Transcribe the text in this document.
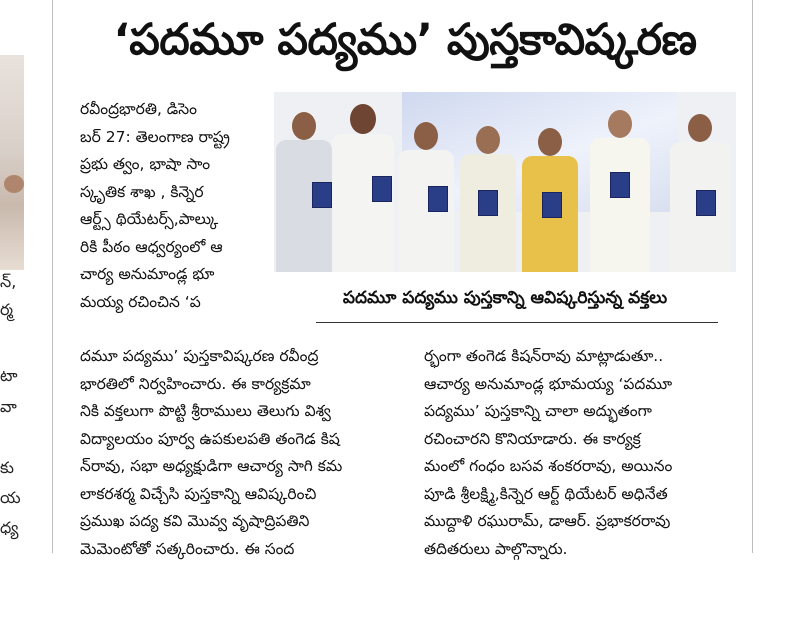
న్,
ర్మ
టా
వా
కు
య
ధ్య
‘పదమూ పద్యము’ పుస్తకావిష్కరణ
రవీంద్రభారతి, డిసెం
బర్ 27: తెలంగాణ రాష్ట్ర
ప్రభు త్వం, భాషా సాం
స్కృతిక శాఖ , కిన్నెర
ఆర్ట్స్ థియేటర్స్,పాల్కు
రికి పీఠం ఆధ్వర్యంలో ఆ
చార్య అనుమాండ్ల భూ
మయ్య రచించిన ‘ప	పదమూ పద్యము పుస్తకాన్ని ఆవిష్కరిస్తున్న వక్తలు
దమూ పద్యము’ పుస్తకావిష్కరణ రవీంద్ర
భారతిలో నిర్వహించారు. ఈ కార్యక్రమా
నికి వక్తలుగా పొట్టి శ్రీరాములు తెలుగు విశ్వ
విద్యాలయం పూర్వ ఉపకులపతి తంగెడ కిష
న్‌రావు, సభా అధ్యక్షుడిగా ఆచార్య సాగి కమ
లాకరశర్మ విచ్చేసి పుస్తకాన్ని ఆవిష్కరించి
ప్రముఖ పద్య కవి మొవ్వ వృషాద్రిపతిని
మెమెంటోతో సత్కరించారు. ఈ సంద
ర్భంగా తంగెడ కిషన్‌రావు మాట్లాడుతూ..
ఆచార్య అనుమాండ్ల భూమయ్య ‘పదమూ
పద్యము’ పుస్తకాన్ని చాలా అద్భుతంగా
రచించారని కొనియాడారు. ఈ కార్యక్ర
మంలో గంధం బసవ శంకరరావు, అయినం
పూడి శ్రీలక్ష్మి,కిన్నెర ఆర్ట్ థియేటర్ అధినేత
ముద్దాళి రఘురామ్, డాఆర్. ప్రభాకరరావు
తదితరులు పాల్గొన్నారు.
